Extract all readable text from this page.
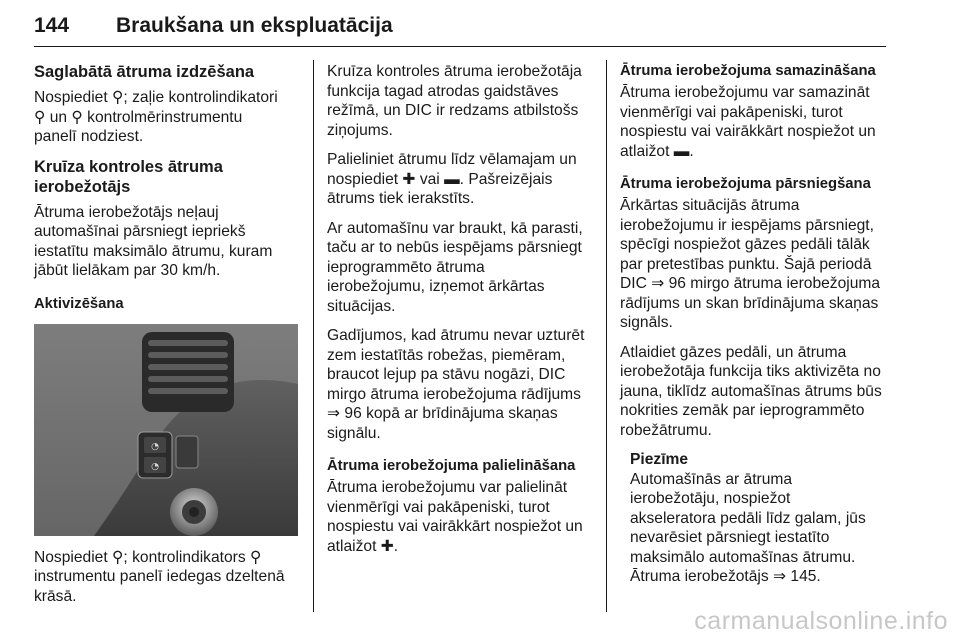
144 Braukšana un ekspluatācija
Saglabātā ātruma izdzēšana

Nospiediet ⚲; zaļie kontrolindikatori
⚲ un ⚲ kontrolmērinstrumentu
panelī nodziest.

Kruīza kontroles ātruma
ierobežotājs

Ātruma ierobežotājs neļauj
automašīnai pārsniegt iepriekš
iestatītu maksimālo ātrumu, kuram
jābūt lielākam par 30 km/h.

Aktivizēšana
◔
◔

Nospiediet ⚲; kontrolindikators ⚲
instrumentu panelī iedegas dzeltenā
krāsā.

Kruīza kontroles ātruma ierobežotāja
funkcija tagad atrodas gaidstāves
režīmā, un DIC ir redzams atbilstošs
ziņojums.

Palieliniet ātrumu līdz vēlamajam un
nospiediet ✚ vai ▬. Pašreizējais
ātrums tiek ierakstīts.

Ar automašīnu var braukt, kā parasti,
taču ar to nebūs iespējams pārsniegt
ieprogrammēto ātruma
ierobežojumu, izņemot ārkārtas
situācijas.

Gadījumos, kad ātrumu nevar uzturēt
zem iestatītās robežas, piemēram,
braucot lejup pa stāvu nogāzi, DIC
mirgo ātruma ierobežojuma rādījums
⇒ 96 kopā ar brīdinājuma skaņas
signālu.

Ātruma ierobežojuma palielināšana

Ātruma ierobežojumu var palielināt
vienmērīgi vai pakāpeniski, turot
nospiestu vai vairākkārt nospiežot un
atlaižot ✚.

Ātruma ierobežojuma samazināšana

Ātruma ierobežojumu var samazināt
vienmērīgi vai pakāpeniski, turot
nospiestu vai vairākkārt nospiežot un
atlaižot ▬.

Ātruma ierobežojuma pārsniegšana

Ārkārtas situācijās ātruma
ierobežojumu ir iespējams pārsniegt,
spēcīgi nospiežot gāzes pedāli tālāk
par pretestības punktu. Šajā periodā
DIC ⇒ 96 mirgo ātruma ierobežojuma
rādījums un skan brīdinājuma skaņas
signāls.

Atlaidiet gāzes pedāli, un ātruma
ierobežotāja funkcija tiks aktivizēta no
jauna, tiklīdz automašīnas ātrums būs
nokrities zemāk par ieprogrammēto
robežātrumu.

Piezīme

Automašīnās ar ātruma
ierobežotāju, nospiežot
akseleratora pedāli līdz galam, jūs
nevarēsiet pārsniegt iestatīto
maksimālo automašīnas ātrumu.
Ātruma ierobežotājs ⇒ 145.

carmanualsonline.info
